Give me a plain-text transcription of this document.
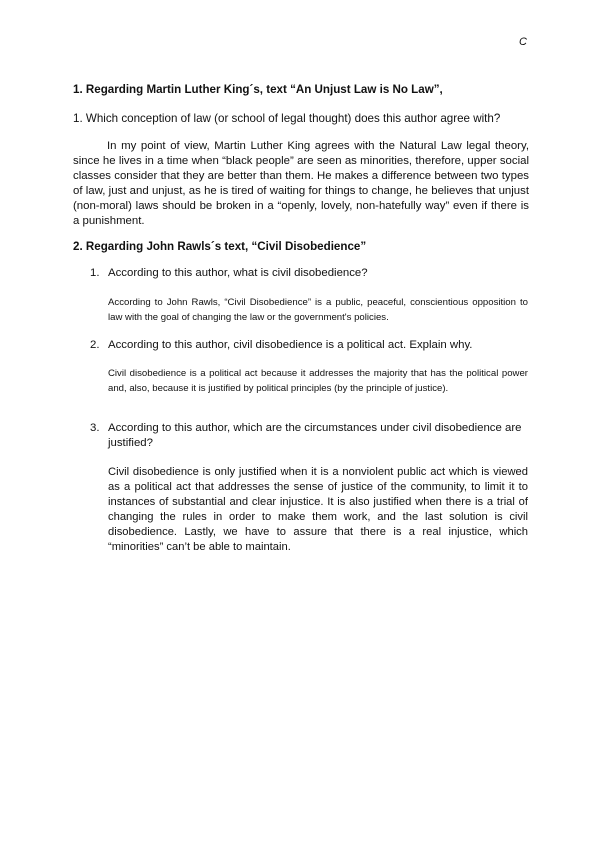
C
1. Regarding Martin Luther King´s, text “An Unjust Law is No Law”,
1. Which conception of law (or school of legal thought) does this author agree with?
In my point of view, Martin Luther King agrees with the Natural Law legal theory, since he lives in a time when “black people” are seen as minorities, therefore, upper social classes consider that they are better than them. He makes a difference between two types of law, just and unjust, as he is tired of waiting for things to change, he believes that unjust (non-moral) laws should be broken in a “openly, lovely, non-hatefully way” even if there is a punishment.
2. Regarding John Rawls´s text, “Civil Disobedience”
1. According to this author, what is civil disobedience?
According to John Rawls, “Civil Disobedience” is a public, peaceful, conscientious opposition to law with the goal of changing the law or the government's policies.
2. According to this author, civil disobedience is a political act. Explain why.
Civil disobedience is a political act because it addresses the majority that has the political power and, also, because it is justified by political principles (by the principle of justice).
3. According to this author, which are the circumstances under civil disobedience are justified?
Civil disobedience is only justified when it is a nonviolent public act which is viewed as a political act that addresses the sense of justice of the community, to limit it to instances of substantial and clear injustice. It is also justified when there is a trial of changing the rules in order to make them work, and the last solution is civil disobedience. Lastly, we have to assure that there is a real injustice, which “minorities” can’t be able to maintain.
